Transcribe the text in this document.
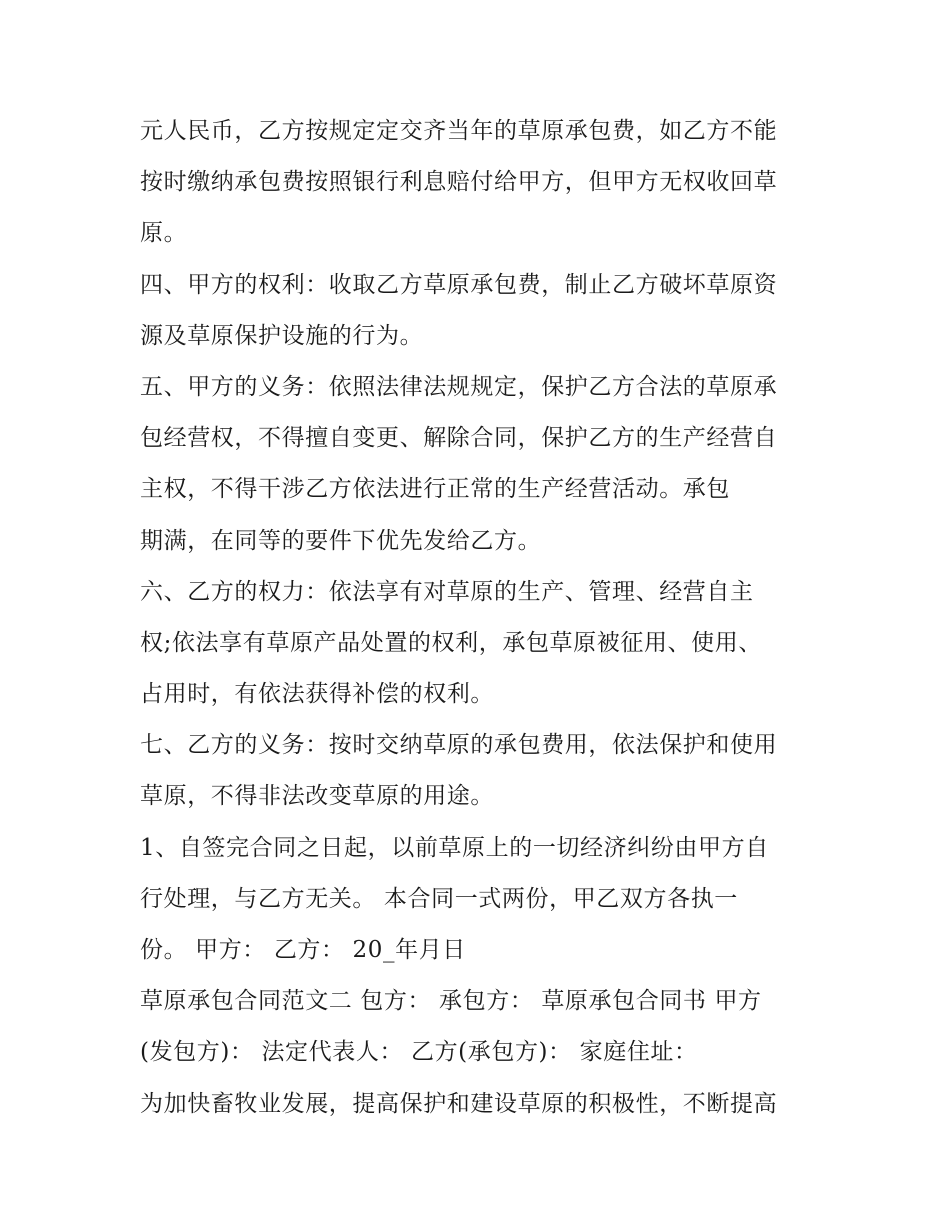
元人民币，乙方按规定定交齐当年的草原承包费，如乙方不能
按时缴纳承包费按照银行利息赔付给甲方，但甲方无权收回草
原。
四、甲方的权利：收取乙方草原承包费，制止乙方破坏草原资
源及草原保护设施的行为。
五、甲方的义务：依照法律法规规定，保护乙方合法的草原承
包经营权，不得擅自变更、解除合同，保护乙方的生产经营自
主权，不得干涉乙方依法进行正常的生产经营活动。承包
期满，在同等的要件下优先发给乙方。
六、乙方的权力：依法享有对草原的生产、管理、经营自主
权;依法享有草原产品处置的权利，承包草原被征用、使用、
占用时，有依法获得补偿的权利。
七、乙方的义务：按时交纳草原的承包费用，依法保护和使用
草原，不得非法改变草原的用途。
1、自签完合同之日起，以前草原上的一切经济纠纷由甲方自
行处理，与乙方无关。 本合同一式两份，甲乙双方各执一
份。 甲方： 乙方： 20_年月日
草原承包合同范文二 包方： 承包方： 草原承包合同书 甲方
(发包方)： 法定代表人： 乙方(承包方)： 家庭住址：
为加快畜牧业发展，提高保护和建设草原的积极性，不断提高
